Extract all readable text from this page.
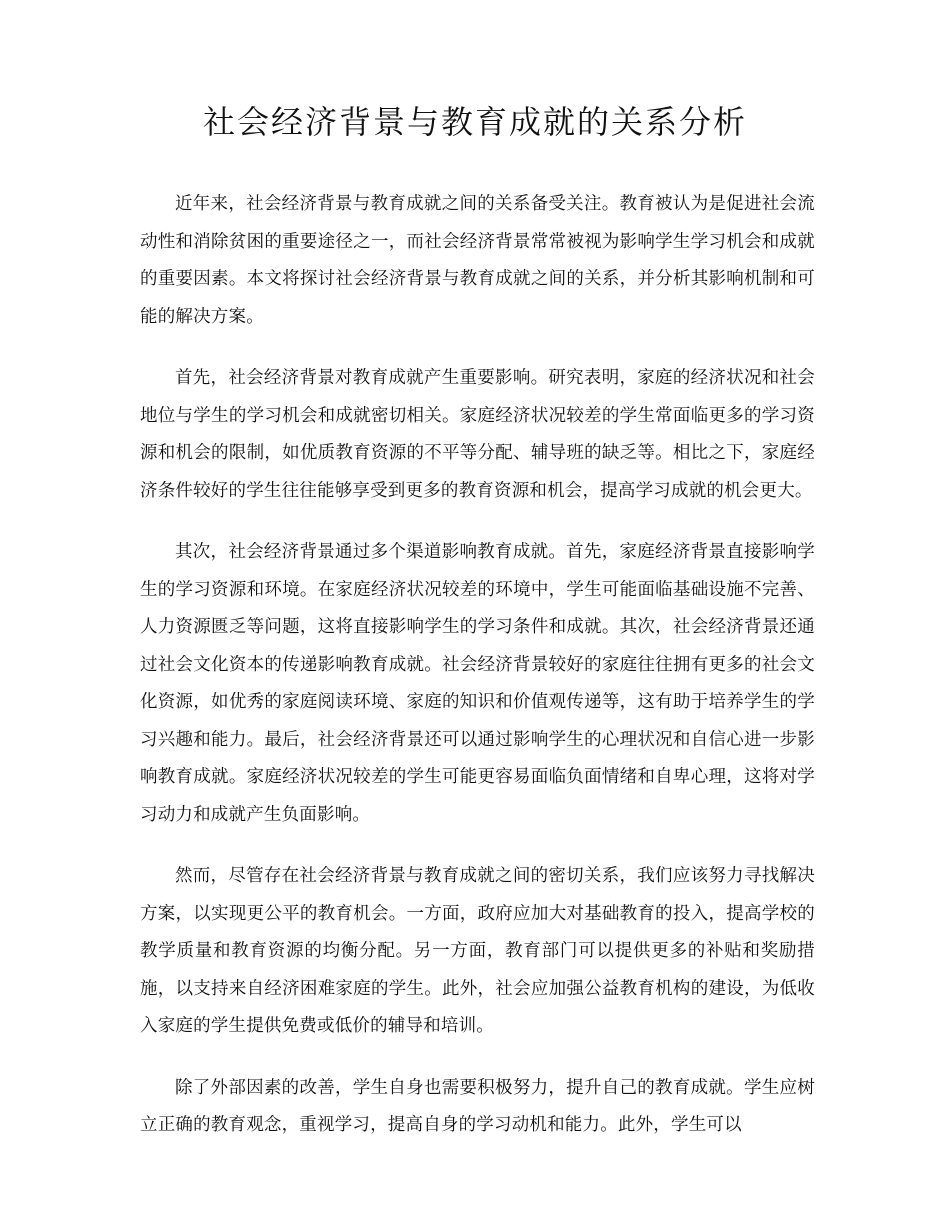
社会经济背景与教育成就的关系分析

近年来，社会经济背景与教育成就之间的关系备受关注。教育被认为是促进社会流动性和消除贫困的重要途径之一，而社会经济背景常常被视为影响学生学习机会和成就的重要因素。本文将探讨社会经济背景与教育成就之间的关系，并分析其影响机制和可能的解决方案。

首先，社会经济背景对教育成就产生重要影响。研究表明，家庭的经济状况和社会地位与学生的学习机会和成就密切相关。家庭经济状况较差的学生常面临更多的学习资源和机会的限制，如优质教育资源的不平等分配、辅导班的缺乏等。相比之下，家庭经济条件较好的学生往往能够享受到更多的教育资源和机会，提高学习成就的机会更大。

其次，社会经济背景通过多个渠道影响教育成就。首先，家庭经济背景直接影响学生的学习资源和环境。在家庭经济状况较差的环境中，学生可能面临基础设施不完善、人力资源匮乏等问题，这将直接影响学生的学习条件和成就。其次，社会经济背景还通过社会文化资本的传递影响教育成就。社会经济背景较好的家庭往往拥有更多的社会文化资源，如优秀的家庭阅读环境、家庭的知识和价值观传递等，这有助于培养学生的学习兴趣和能力。最后，社会经济背景还可以通过影响学生的心理状况和自信心进一步影响教育成就。家庭经济状况较差的学生可能更容易面临负面情绪和自卑心理，这将对学习动力和成就产生负面影响。

然而，尽管存在社会经济背景与教育成就之间的密切关系，我们应该努力寻找解决方案，以实现更公平的教育机会。一方面，政府应加大对基础教育的投入，提高学校的教学质量和教育资源的均衡分配。另一方面，教育部门可以提供更多的补贴和奖励措施，以支持来自经济困难家庭的学生。此外，社会应加强公益教育机构的建设，为低收入家庭的学生提供免费或低价的辅导和培训。

除了外部因素的改善，学生自身也需要积极努力，提升自己的教育成就。学生应树立正确的教育观念，重视学习，提高自身的学习动机和能力。此外，学生可以
